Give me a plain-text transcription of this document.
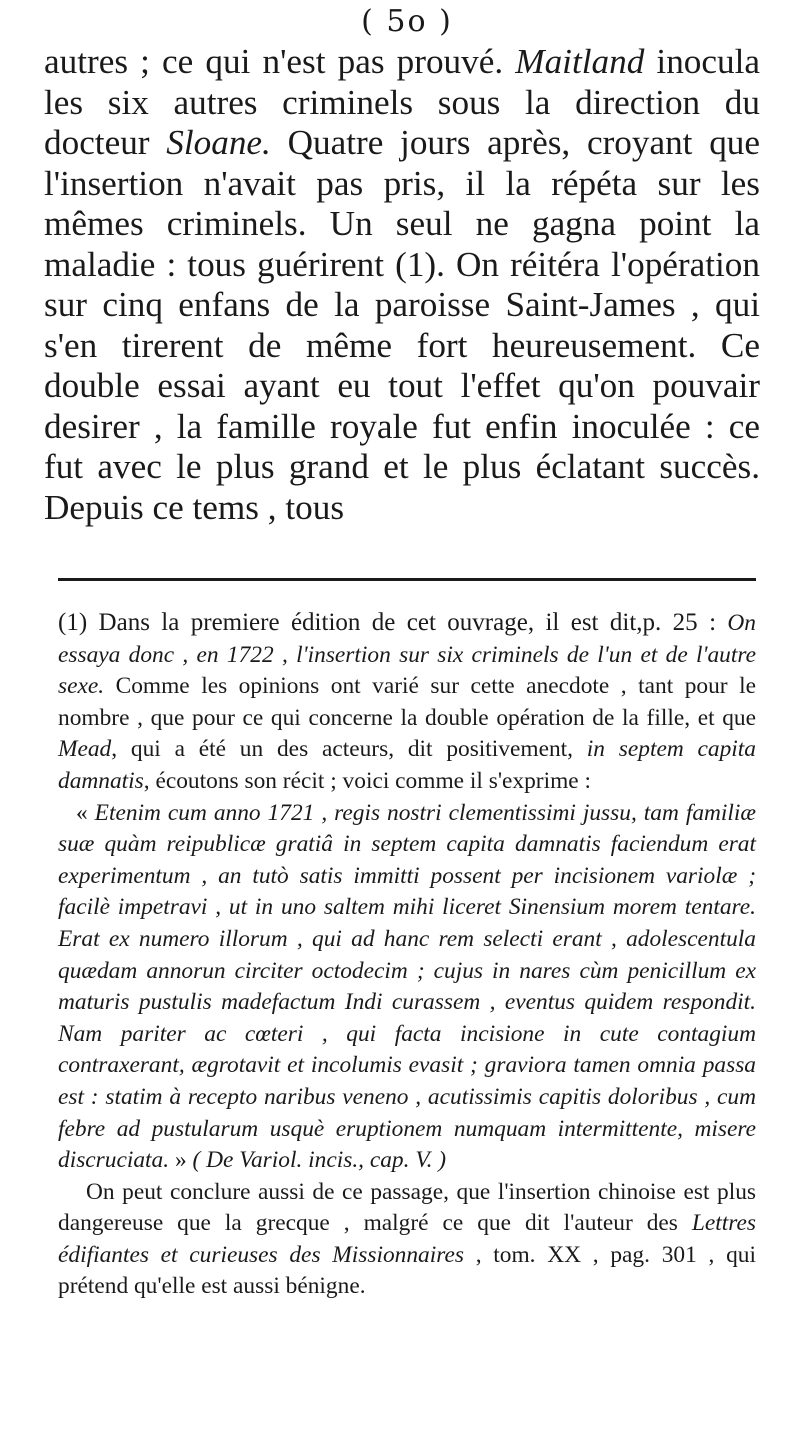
( 5o )

autres ; ce qui n'est pas prouvé. Maitland inocula les six autres criminels sous la direction du docteur Sloane. Quatre jours après, croyant que l'insertion n'avait pas pris, il la répéta sur les mêmes criminels. Un seul ne gagna point la maladie : tous guérirent (1). On réitéra l'opération sur cinq enfans de la paroisse Saint-James , qui s'en tirerent de même fort heureusement. Ce double essai ayant eu tout l'effet qu'on pouvair desirer , la famille royale fut enfin inoculée : ce fut avec le plus grand et le plus éclatant succès. Depuis ce tems , tous

(1) Dans la premiere édition de cet ouvrage, il est dit,p. 25 : On essaya donc , en 1722 , l'insertion sur six criminels de l'un et de l'autre sexe. Comme les opinions ont varié sur cette anecdote , tant pour le nombre , que pour ce qui concerne la double opération de la fille, et que Mead, qui a été un des acteurs, dit positivement, in septem capita damnatis, écoutons son récit ; voici comme il s'exprime :

« Etenim cum anno 1721 , regis nostri clementissimi jussu, tam familiæ suæ quàm reipublicæ gratiâ in septem capita damnatis faciendum erat experimentum , an tutò satis immitti possent per incisionem variolæ ; facilè impetravi , ut in uno saltem mihi liceret Sinensium morem tentare. Erat ex numero illorum , qui ad hanc rem selecti erant , adolescentula quædam annorun circiter octodecim ; cujus in nares cùm penicillum ex maturis pustulis madefactum Indi curassem , eventus quidem respondit. Nam pariter ac cœteri , qui facta incisione in cute contagium contraxerant, ægrotavit et incolumis evasit ; graviora tamen omnia passa est : statim à recepto naribus veneno , acutissimis capitis doloribus , cum febre ad pustularum usquè eruptionem numquam intermittente, misere discruciata. » ( De Variol. incis., cap. V. )

On peut conclure aussi de ce passage, que l'insertion chinoise est plus dangereuse que la grecque , malgré ce que dit l'auteur des Lettres édifiantes et curieuses des Missionnaires , tom. XX , pag. 301 , qui prétend qu'elle est aussi bénigne.
